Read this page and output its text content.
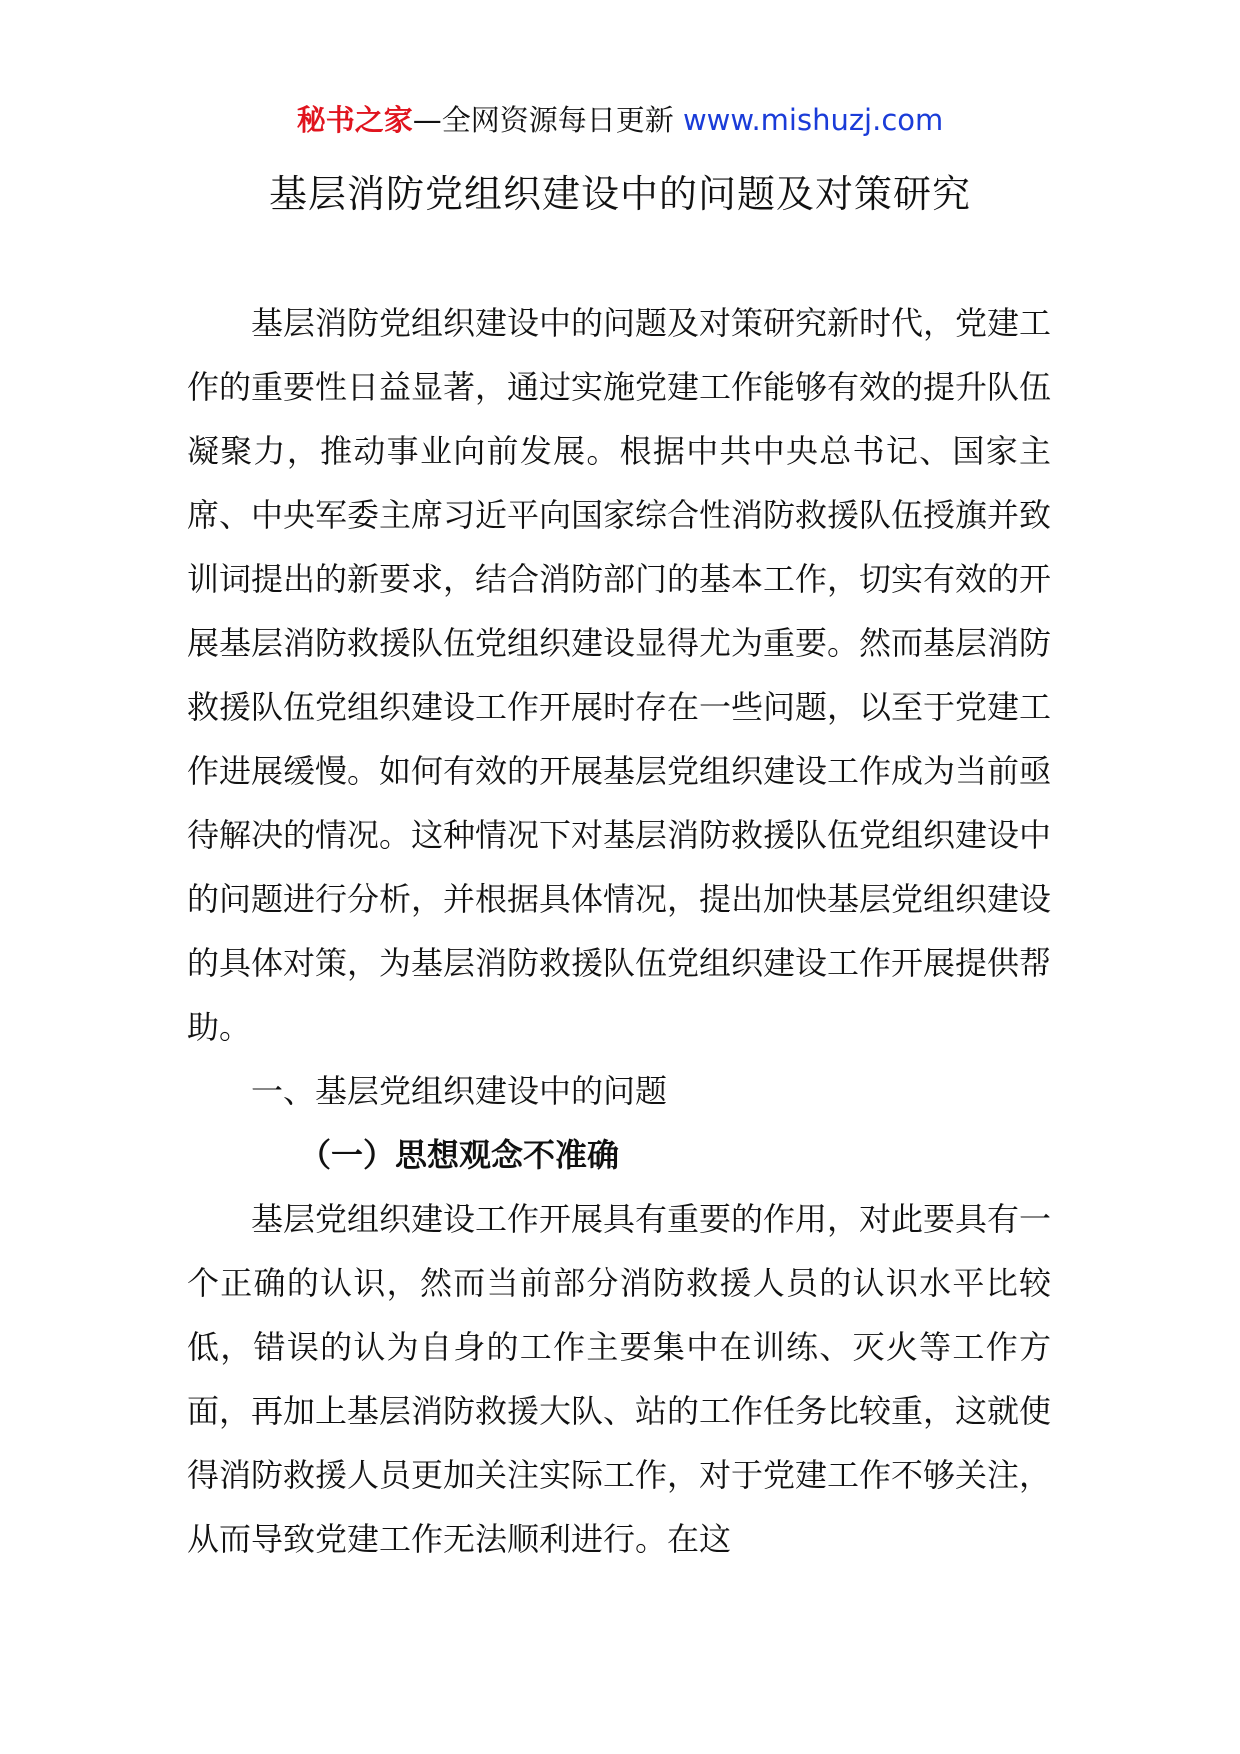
秘书之家—全网资源每日更新 www.mishuzj.com
基层消防党组织建设中的问题及对策研究

基层消防党组织建设中的问题及对策研究新时代，党建工作的重要性日益显著，通过实施党建工作能够有效的提升队伍凝聚力，推动事业向前发展。根据中共中央总书记、国家主席、中央军委主席习近平向国家综合性消防救援队伍授旗并致训词提出的新要求，结合消防部门的基本工作，切实有效的开展基层消防救援队伍党组织建设显得尤为重要。然而基层消防救援队伍党组织建设工作开展时存在一些问题，以至于党建工作进展缓慢。如何有效的开展基层党组织建设工作成为当前亟待解决的情况。这种情况下对基层消防救援队伍党组织建设中的问题进行分析，并根据具体情况，提出加快基层党组织建设的具体对策，为基层消防救援队伍党组织建设工作开展提供帮助。

一、基层党组织建设中的问题

（一）思想观念不准确

基层党组织建设工作开展具有重要的作用，对此要具有一个正确的认识，然而当前部分消防救援人员的认识水平比较低，错误的认为自身的工作主要集中在训练、灭火等工作方面，再加上基层消防救援大队、站的工作任务比较重，这就使得消防救援人员更加关注实际工作，对于党建工作不够关注，从而导致党建工作无法顺利进行。在这
